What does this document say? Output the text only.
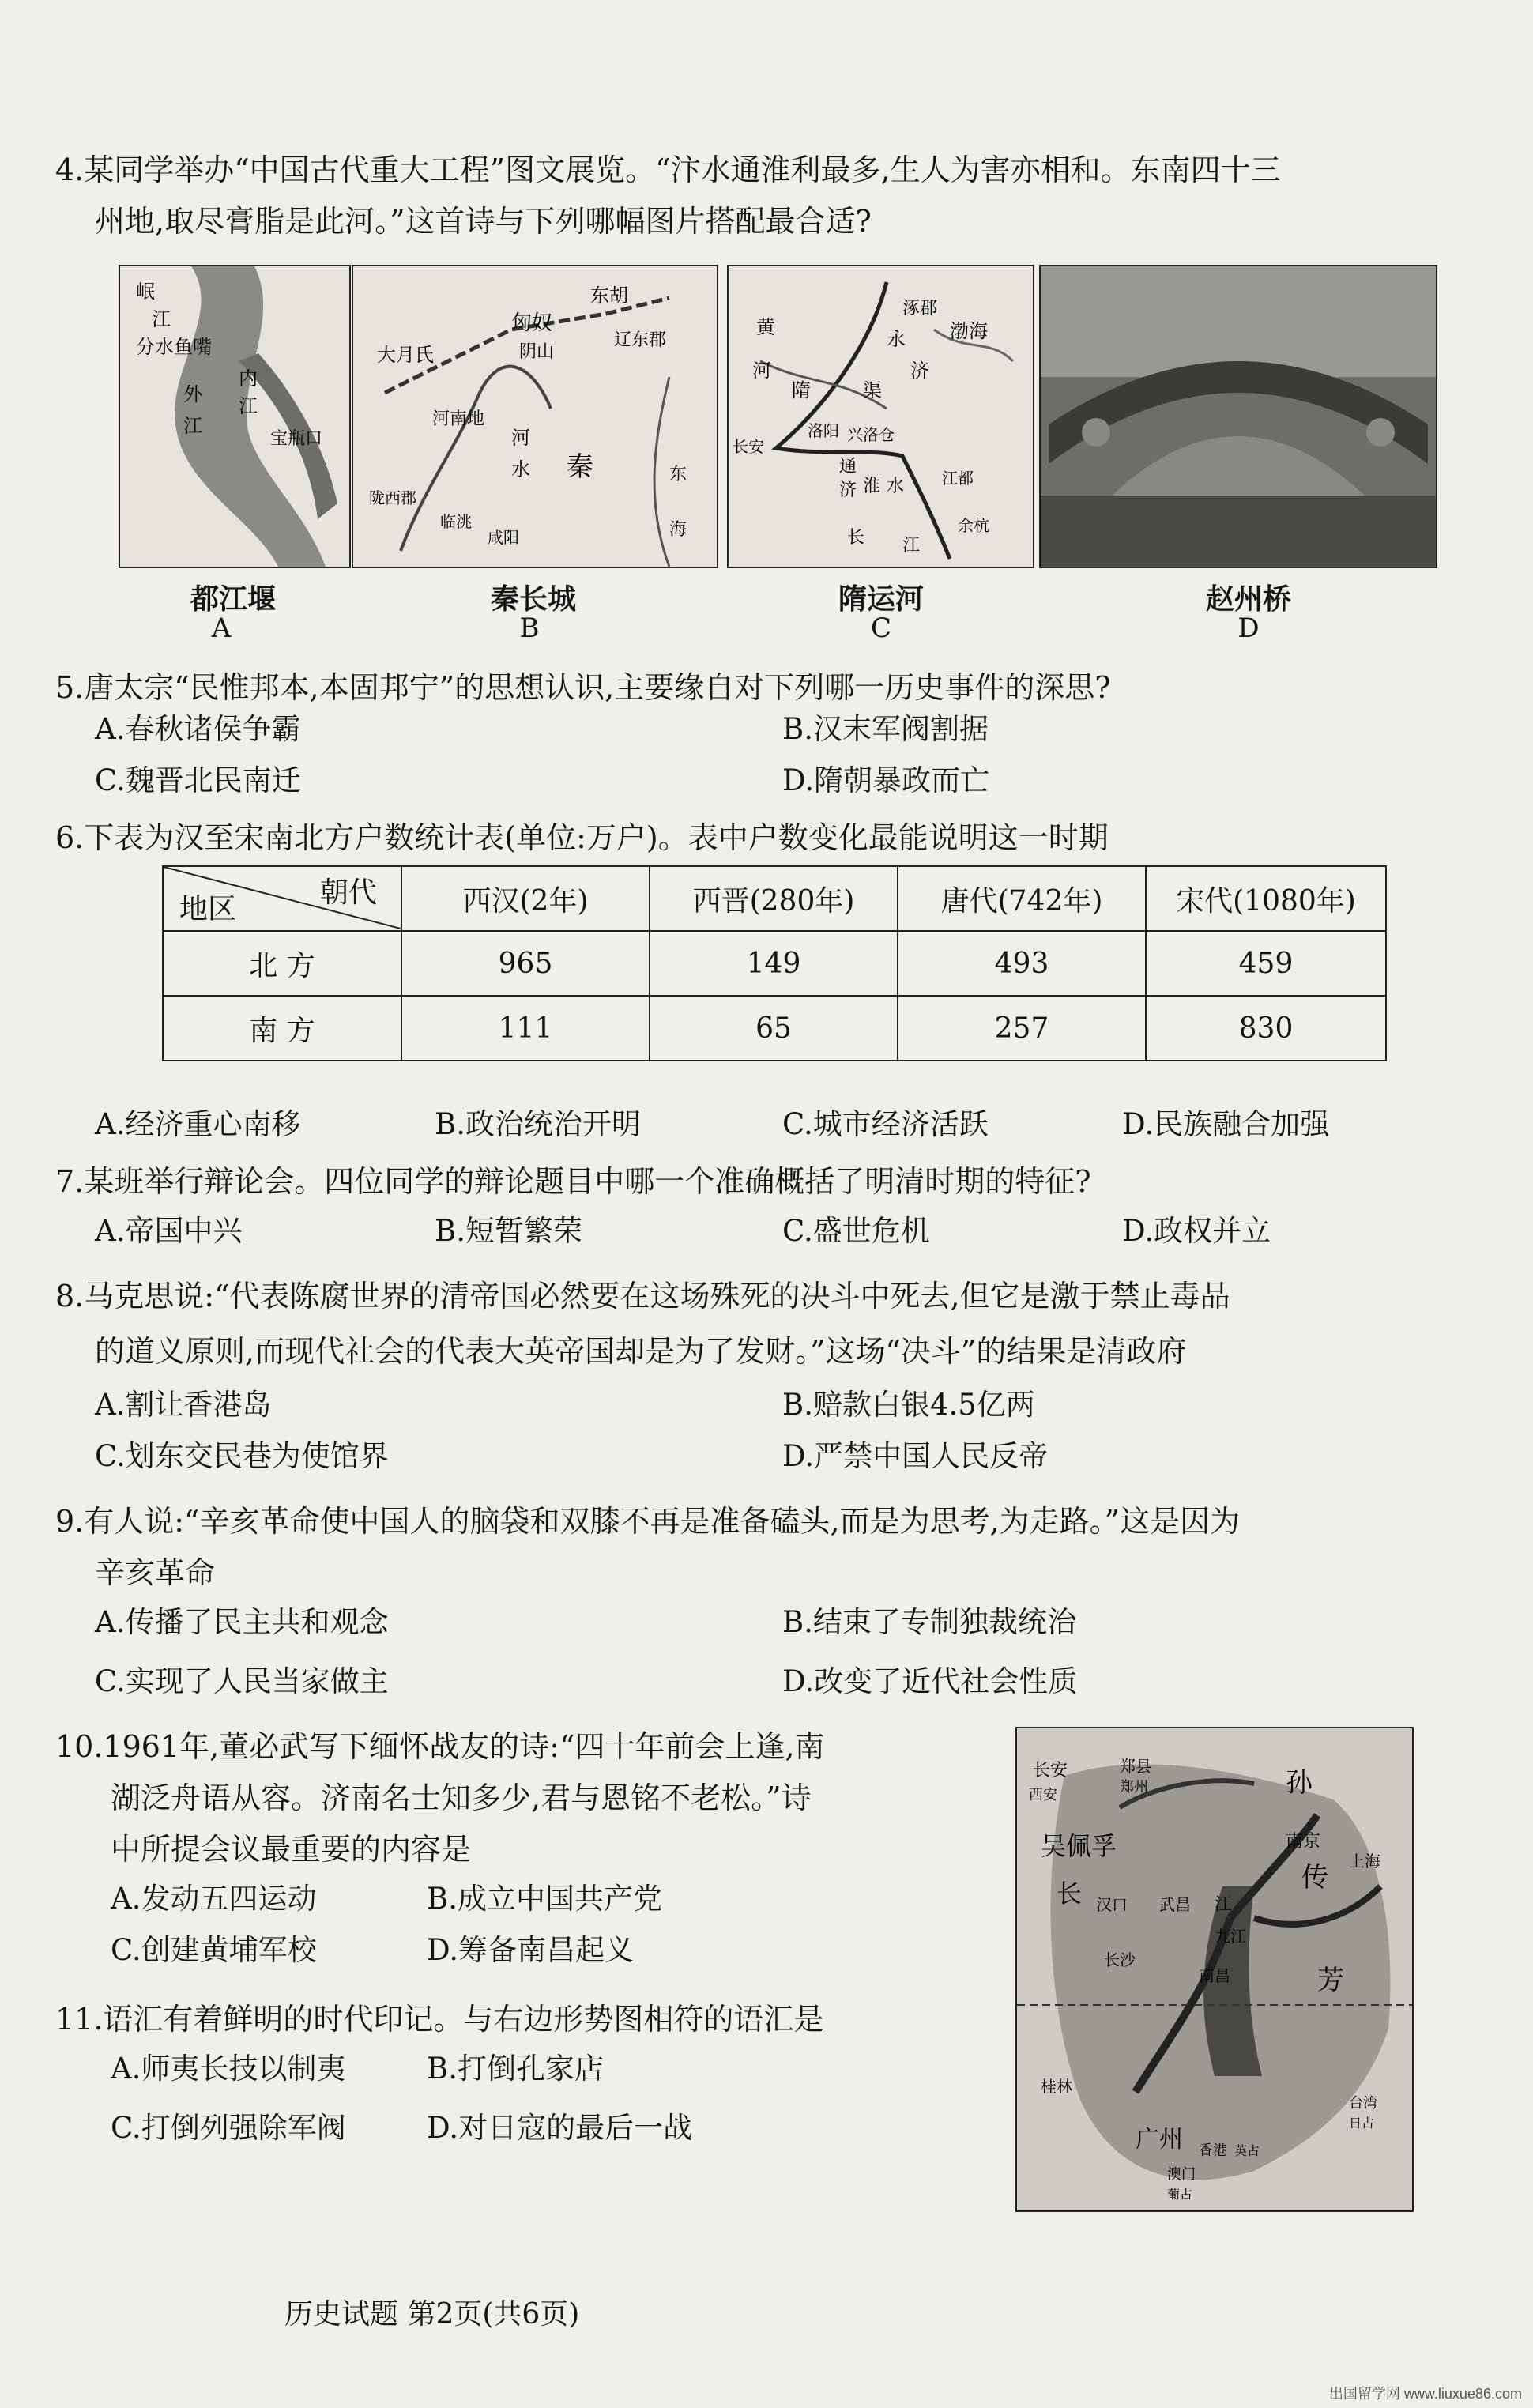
4.某同学举办“中国古代重大工程”图文展览。“汴水通淮利最多,生人为害亦相和。东南四十三
州地,取尽膏脂是此河。”这首诗与下列哪幅图片搭配最合适?
岷
江
分水鱼嘴
外
江
内
江
宝瓶口
都江堰
A
东胡
匈奴
大月氏	阴山
辽东郡
河南地
河
水 秦
临洮
陇西郡
咸阳
东
海
秦长城
B
黄
涿郡
渤海
河
永
济
隋	渠
洛阳
长安
通
济 淮 水 江都
余杭
长 江
兴洛仓
隋运河
C
赵州桥
D
5.唐太宗“民惟邦本,本固邦宁”的思想认识,主要缘自对下列哪一历史事件的深思?
A.春秋诸侯争霸	B.汉末军阀割据
C.魏晋北民南迁	D.隋朝暴政而亡
6.下表为汉至宋南北方户数统计表(单位:万户)。表中户数变化最能说明这一时期
朝代
地区	西汉(2年)	西晋(280年)	唐代(742年)	宋代(1080年)
北 方	965	149	493	459
南 方	111	65	257	830
A.经济重心南移	B.政治统治开明	C.城市经济活跃	D.民族融合加强
7.某班举行辩论会。四位同学的辩论题目中哪一个准确概括了明清时期的特征?
A.帝国中兴	B.短暂繁荣	C.盛世危机	D.政权并立
8.马克思说:“代表陈腐世界的清帝国必然要在这场殊死的决斗中死去,但它是激于禁止毒品
的道义原则,而现代社会的代表大英帝国却是为了发财。”这场“决斗”的结果是清政府
A.割让香港岛	B.赔款白银4.5亿两
C.划东交民巷为使馆界	D.严禁中国人民反帝
9.有人说:“辛亥革命使中国人的脑袋和双膝不再是准备磕头,而是为思考,为走路。”这是因为
辛亥革命
A.传播了民主共和观念	B.结束了专制独裁统治
C.实现了人民当家做主	D.改变了近代社会性质
10.1961年,董必武写下缅怀战友的诗:“四十年前会上逢,南
湖泛舟语从容。济南名士知多少,君与恩铭不老松。”诗
中所提会议最重要的内容是
A.发动五四运动	B.成立中国共产党
C.创建黄埔军校	D.筹备南昌起义
11.语汇有着鲜明的时代印记。与右边形势图相符的语汇是
A.师夷长技以制夷	B.打倒孔家店
C.打倒列强除军阀	D.对日寇的最后一战
长安
西安
郑县
郑州	孙
吴佩孚	南京
传
上海
长 汉口 武昌 江
九江
长沙
南昌	芳
桂林
广州 香港 英占
澳门
葡占
台湾
日占
历史试题 第2页(共6页)
出国留学网 www.liuxue86.com
